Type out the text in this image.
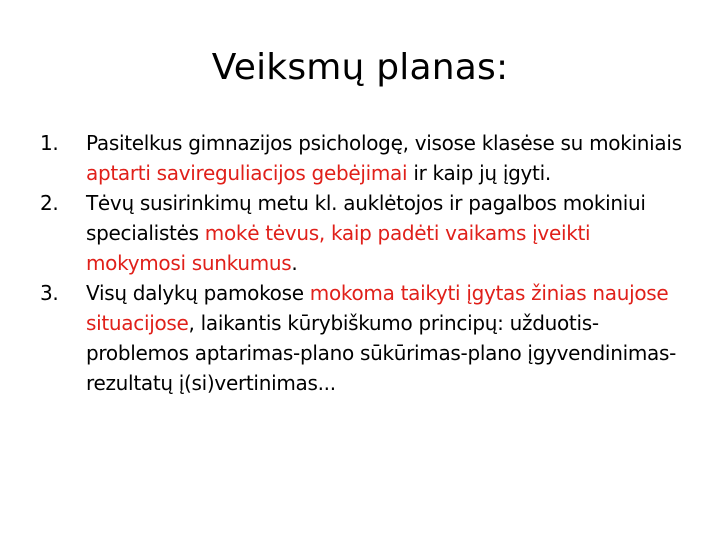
Veiksmų planas:
1. Pasitelkus gimnazijos psichologę, visose klasėse su mokiniais aptarti savireguliacijos gebėjimai ir kaip jų įgyti.
2. Tėvų susirinkimų metu kl. auklėtojos ir pagalbos mokiniui specialistės mokė tėvus, kaip padėti vaikams įveikti mokymosi sunkumus.
3. Visų dalykų pamokose mokoma taikyti įgytas žinias naujose situacijose, laikantis kūrybiškumo principų: užduotis-problemos aptarimas-plano sūkūrimas-plano įgyvendinimas-rezultatų į(si)vertinimas...
